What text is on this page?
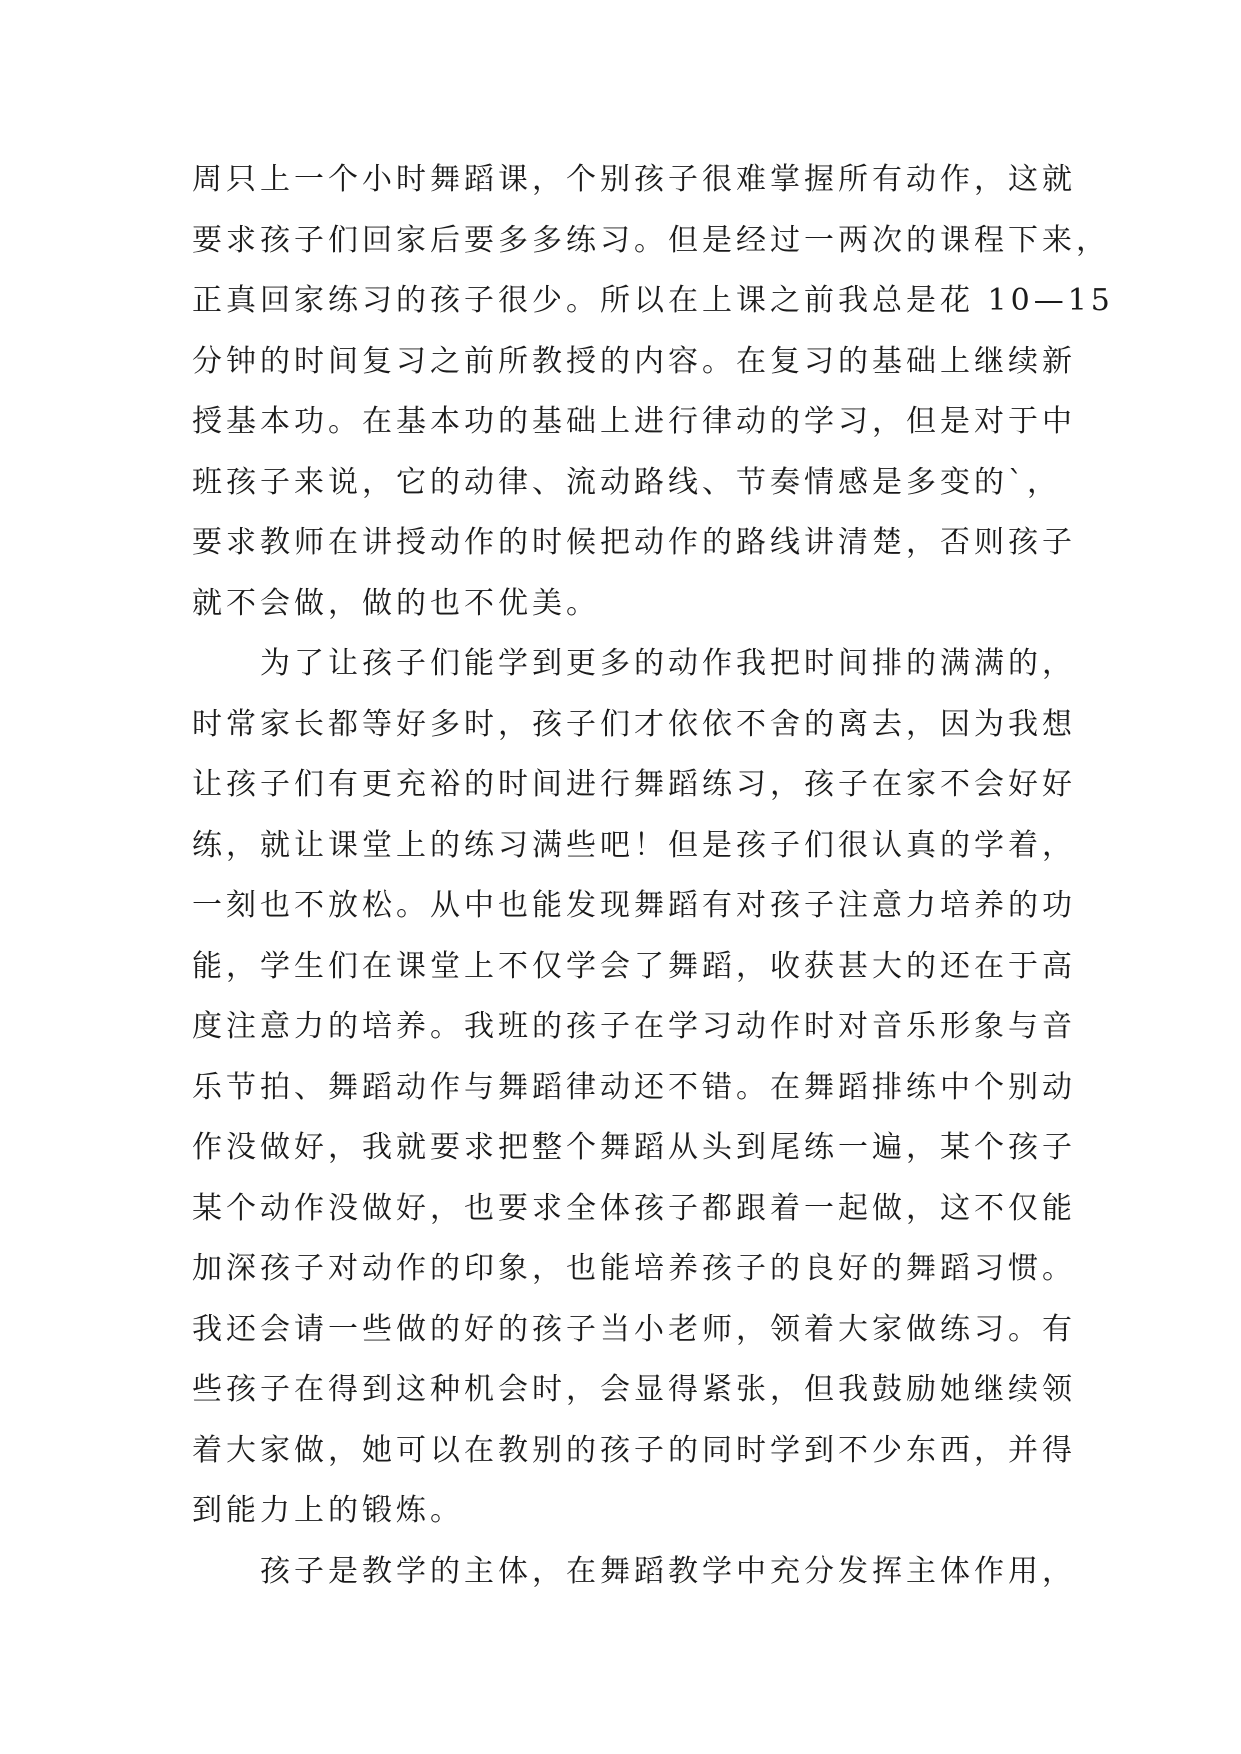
周只上一个小时舞蹈课，个别孩子很难掌握所有动作，这就
要求孩子们回家后要多多练习。但是经过一两次的课程下来，
正真回家练习的孩子很少。所以在上课之前我总是花 10—15
分钟的时间复习之前所教授的内容。在复习的基础上继续新
授基本功。在基本功的基础上进行律动的学习，但是对于中
班孩子来说，它的动律、流动路线、节奏情感是多变的`，
要求教师在讲授动作的时候把动作的路线讲清楚，否则孩子
就不会做，做的也不优美。
　　为了让孩子们能学到更多的动作我把时间排的满满的，
时常家长都等好多时，孩子们才依依不舍的离去，因为我想
让孩子们有更充裕的时间进行舞蹈练习，孩子在家不会好好
练，就让课堂上的练习满些吧！但是孩子们很认真的学着，
一刻也不放松。从中也能发现舞蹈有对孩子注意力培养的功
能，学生们在课堂上不仅学会了舞蹈，收获甚大的还在于高
度注意力的培养。我班的孩子在学习动作时对音乐形象与音
乐节拍、舞蹈动作与舞蹈律动还不错。在舞蹈排练中个别动
作没做好，我就要求把整个舞蹈从头到尾练一遍，某个孩子
某个动作没做好，也要求全体孩子都跟着一起做，这不仅能
加深孩子对动作的印象，也能培养孩子的良好的舞蹈习惯。
我还会请一些做的好的孩子当小老师，领着大家做练习。有
些孩子在得到这种机会时，会显得紧张，但我鼓励她继续领
着大家做，她可以在教别的孩子的同时学到不少东西，并得
到能力上的锻炼。
　　孩子是教学的主体，在舞蹈教学中充分发挥主体作用，
